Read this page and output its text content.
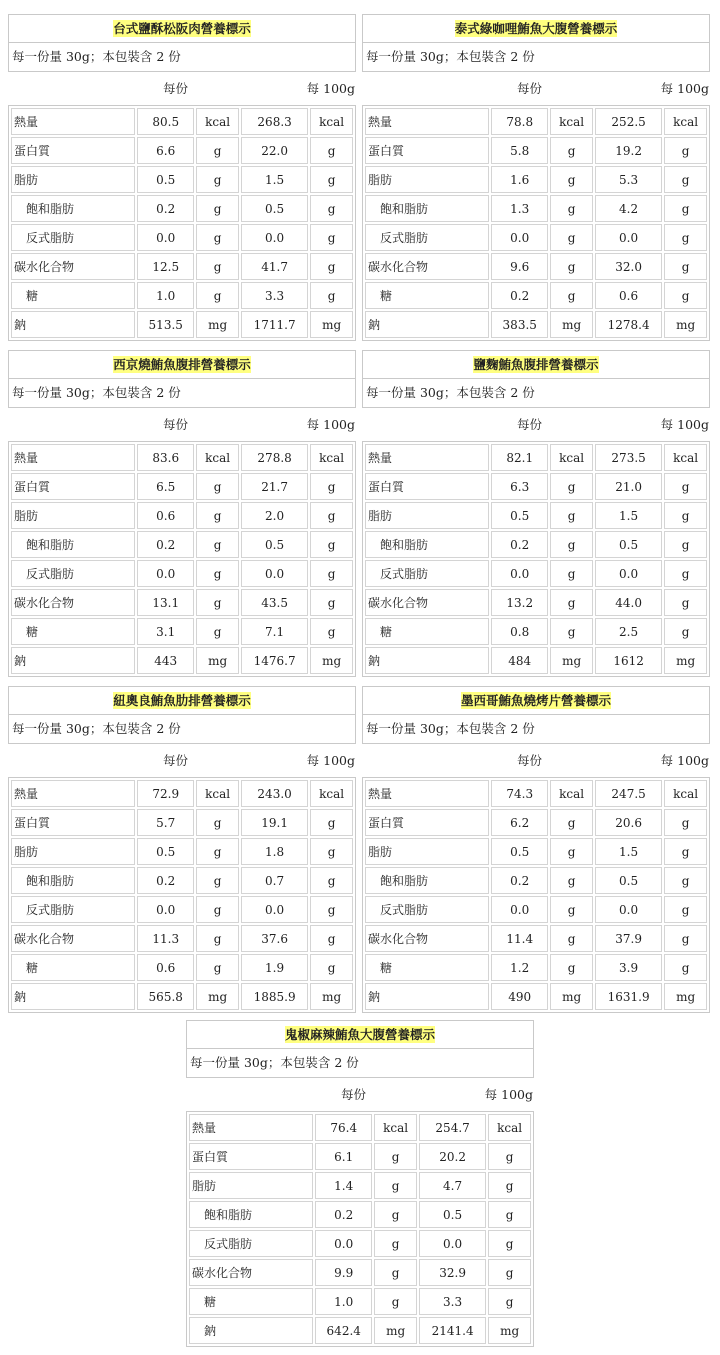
台式鹽酥松阪肉營養標示
每一份量 30g；本包裝含 2 份
每份	每 100g
熱量	80.5	kcal	268.3	kcal
蛋白質	6.6	g	22.0	g
脂肪	0.5	g	1.5	g
飽和脂肪	0.2	g	0.5	g
反式脂肪	0.0	g	0.0	g
碳水化合物	12.5	g	41.7	g
糖	1.0	g	3.3	g
鈉	513.5	mg	1711.7	mg
泰式綠咖哩鮪魚大腹營養標示
每一份量 30g；本包裝含 2 份
每份	每 100g
熱量	78.8	kcal	252.5	kcal
蛋白質	5.8	g	19.2	g
脂肪	1.6	g	5.3	g
飽和脂肪	1.3	g	4.2	g
反式脂肪	0.0	g	0.0	g
碳水化合物	9.6	g	32.0	g
糖	0.2	g	0.6	g
鈉	383.5	mg	1278.4	mg
西京燒鮪魚腹排營養標示
每一份量 30g；本包裝含 2 份
每份	每 100g
熱量	83.6	kcal	278.8	kcal
蛋白質	6.5	g	21.7	g
脂肪	0.6	g	2.0	g
飽和脂肪	0.2	g	0.5	g
反式脂肪	0.0	g	0.0	g
碳水化合物	13.1	g	43.5	g
糖	3.1	g	7.1	g
鈉	443	mg	1476.7	mg
鹽麴鮪魚腹排營養標示
每一份量 30g；本包裝含 2 份
每份	每 100g
熱量	82.1	kcal	273.5	kcal
蛋白質	6.3	g	21.0	g
脂肪	0.5	g	1.5	g
飽和脂肪	0.2	g	0.5	g
反式脂肪	0.0	g	0.0	g
碳水化合物	13.2	g	44.0	g
糖	0.8	g	2.5	g
鈉	484	mg	1612	mg
紐奧良鮪魚肋排營養標示
每一份量 30g；本包裝含 2 份
每份	每 100g
熱量	72.9	kcal	243.0	kcal
蛋白質	5.7	g	19.1	g
脂肪	0.5	g	1.8	g
飽和脂肪	0.2	g	0.7	g
反式脂肪	0.0	g	0.0	g
碳水化合物	11.3	g	37.6	g
糖	0.6	g	1.9	g
鈉	565.8	mg	1885.9	mg
墨西哥鮪魚燒烤片營養標示
每一份量 30g；本包裝含 2 份
每份	每 100g
熱量	74.3	kcal	247.5	kcal
蛋白質	6.2	g	20.6	g
脂肪	0.5	g	1.5	g
飽和脂肪	0.2	g	0.5	g
反式脂肪	0.0	g	0.0	g
碳水化合物	11.4	g	37.9	g
糖	1.2	g	3.9	g
鈉	490	mg	1631.9	mg
鬼椒麻辣鮪魚大腹營養標示
每一份量 30g；本包裝含 2 份
每份	每 100g
熱量	76.4	kcal	254.7	kcal
蛋白質	6.1	g	20.2	g
脂肪	1.4	g	4.7	g
飽和脂肪	0.2	g	0.5	g
反式脂肪	0.0	g	0.0	g
碳水化合物	9.9	g	32.9	g
糖	1.0	g	3.3	g
鈉	642.4	mg	2141.4	mg
